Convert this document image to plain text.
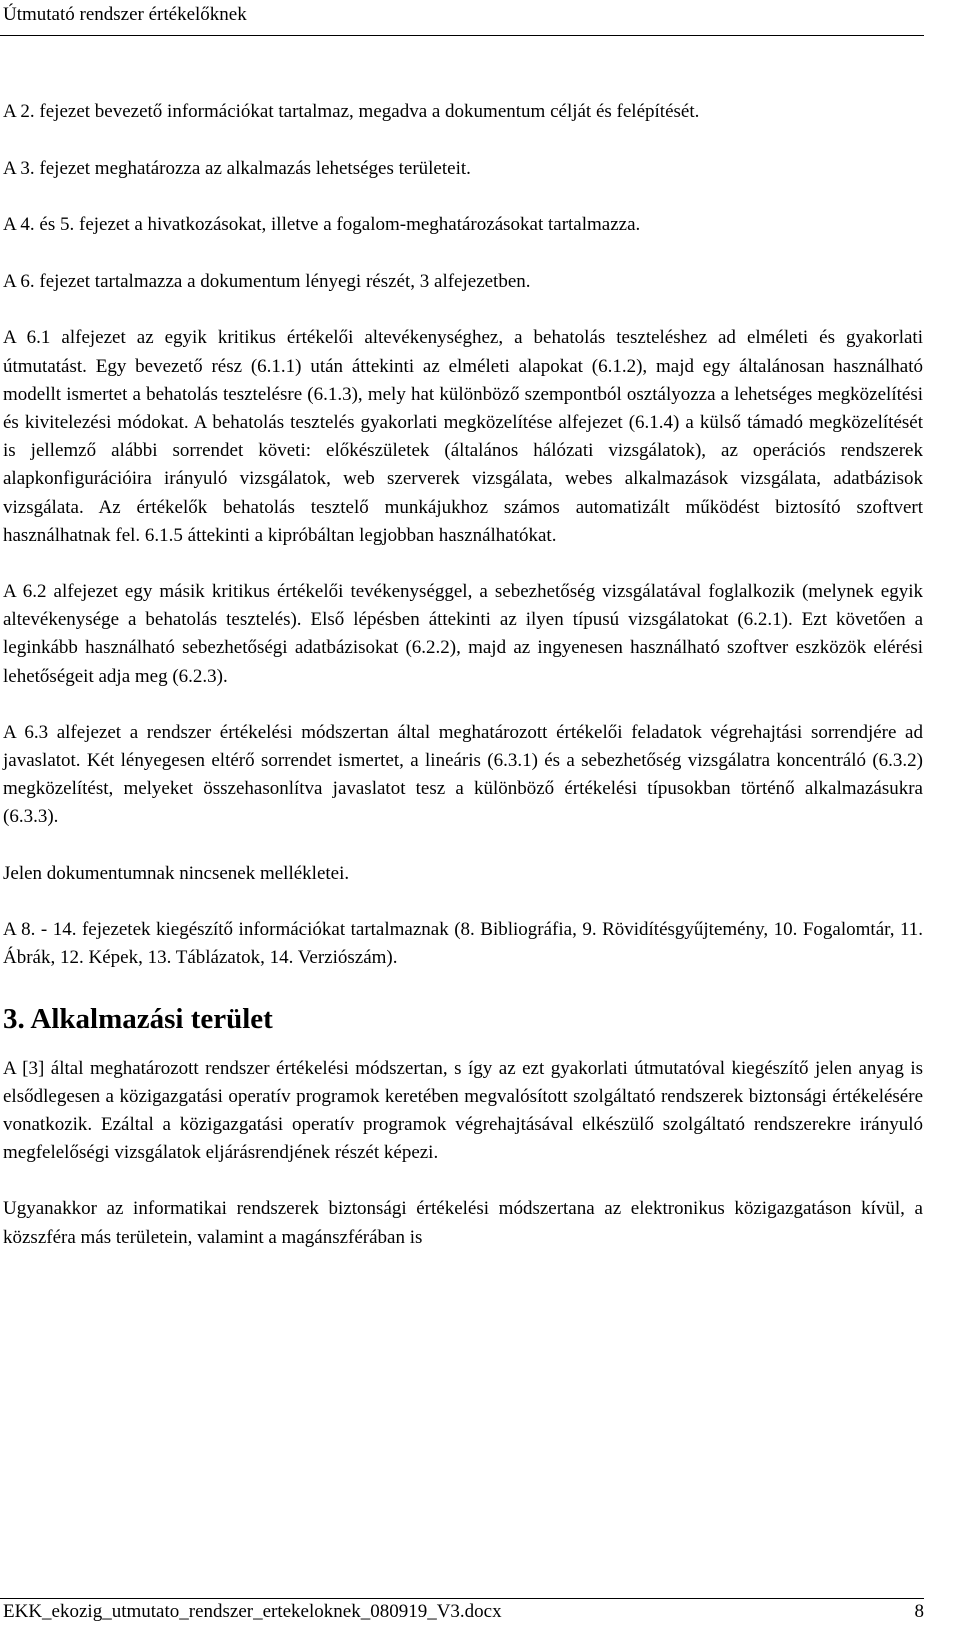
Útmutató rendszer értékelőknek

A 2. fejezet bevezető információkat tartalmaz, megadva a dokumentum célját és felépítését.

A 3. fejezet meghatározza az alkalmazás lehetséges területeit.

A 4. és 5. fejezet a hivatkozásokat, illetve a fogalom-meghatározásokat tartalmazza.

A 6. fejezet tartalmazza a dokumentum lényegi részét, 3 alfejezetben.

A 6.1 alfejezet az egyik kritikus értékelői altevékenységhez, a behatolás teszteléshez ad elméleti és gyakorlati útmutatást. Egy bevezető rész (6.1.1) után áttekinti az elméleti alapokat (6.1.2), majd egy általánosan használható modellt ismertet a behatolás tesztelésre (6.1.3), mely hat különböző szempontból osztályozza a lehetséges megközelítési és kivitelezési módokat. A behatolás tesztelés gyakorlati megközelítése alfejezet (6.1.4) a külső támadó megközelítését is jellemző alábbi sorrendet követi: előkészületek (általános hálózati vizsgálatok), az operációs rendszerek alapkonfigurációira irányuló vizsgálatok, web szerverek vizsgálata, webes alkalmazások vizsgálata, adatbázisok vizsgálata. Az értékelők behatolás tesztelő munkájukhoz számos automatizált működést biztosító szoftvert használhatnak fel. 6.1.5 áttekinti a kipróbáltan legjobban használhatókat.

A 6.2 alfejezet egy másik kritikus értékelői tevékenységgel, a sebezhetőség vizsgálatával foglalkozik (melynek egyik altevékenysége a behatolás tesztelés). Első lépésben áttekinti az ilyen típusú vizsgálatokat (6.2.1). Ezt követően a leginkább használható sebezhetőségi adatbázisokat (6.2.2), majd az ingyenesen használható szoftver eszközök elérési lehetőségeit adja meg (6.2.3).

A 6.3 alfejezet a rendszer értékelési módszertan által meghatározott értékelői feladatok végrehajtási sorrendjére ad javaslatot. Két lényegesen eltérő sorrendet ismertet, a lineáris (6.3.1) és a sebezhetőség vizsgálatra koncentráló (6.3.2) megközelítést, melyeket összehasonlítva javaslatot tesz a különböző értékelési típusokban történő alkalmazásukra (6.3.3).

Jelen dokumentumnak nincsenek mellékletei.

A 8. - 14. fejezetek kiegészítő információkat tartalmaznak (8. Bibliográfia, 9. Rövidítésgyűjtemény, 10. Fogalomtár, 11. Ábrák, 12. Képek, 13. Táblázatok, 14. Verziószám).

3. Alkalmazási terület

A [3] által meghatározott rendszer értékelési módszertan, s így az ezt gyakorlati útmutatóval kiegészítő jelen anyag is elsődlegesen a közigazgatási operatív programok keretében megvalósított szolgáltató rendszerek biztonsági értékelésére vonatkozik. Ezáltal a közigazgatási operatív programok végrehajtásával elkészülő szolgáltató rendszerekre irányuló megfelelőségi vizsgálatok eljárásrendjének részét képezi.

Ugyanakkor az informatikai rendszerek biztonsági értékelési módszertana az elektronikus közigazgatáson kívül, a közszféra más területein, valamint a magánszférában is

EKK_ekozig_utmutato_rendszer_ertekeloknek_080919_V3.docx	8
